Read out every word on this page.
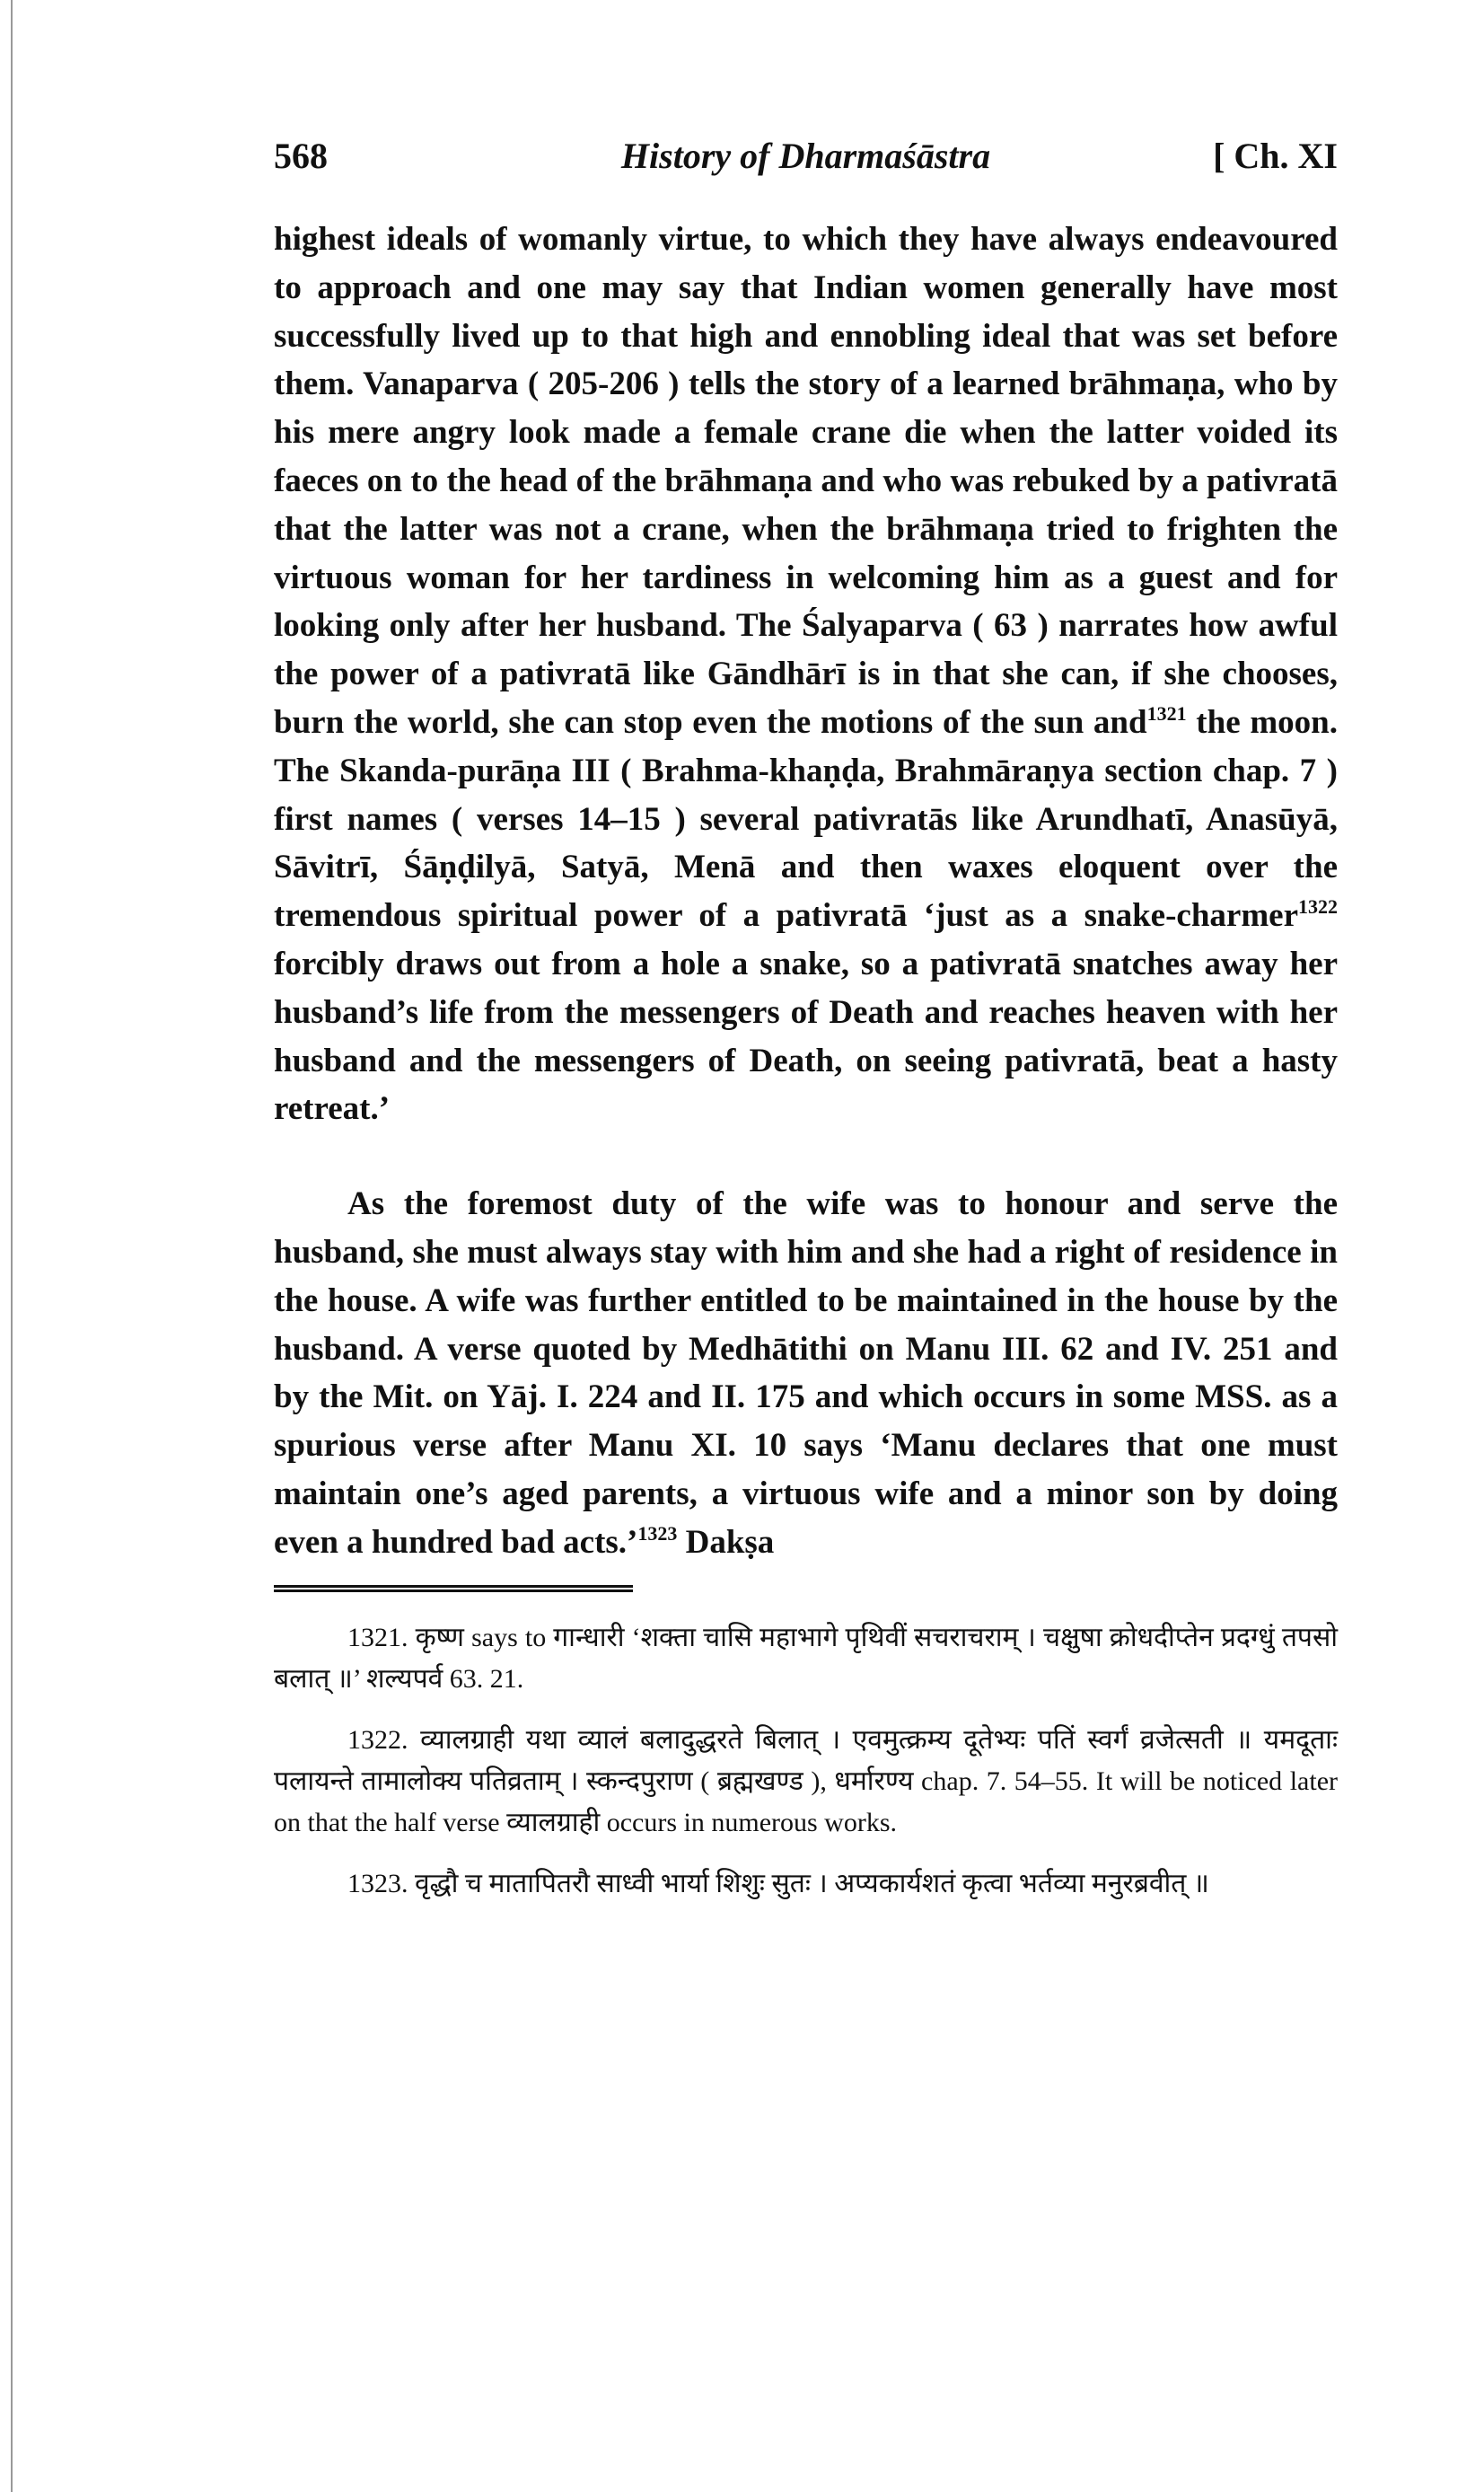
568	History of Dharmaśāstra	[ Ch. XI

highest ideals of womanly virtue, to which they have always endeavoured to approach and one may say that Indian women generally have most successfully lived up to that high and ennobling ideal that was set before them. Vanaparva ( 205-206 ) tells the story of a learned brāhmaṇa, who by his mere angry look made a female crane die when the latter voided its faeces on to the head of the brāhmaṇa and who was rebuked by a pativratā that the latter was not a crane, when the brāhmaṇa tried to frighten the virtuous woman for her tardiness in welcoming him as a guest and for looking only after her husband. The Śalyaparva ( 63 ) narrates how awful the power of a pativratā like Gāndhārī is in that she can, if she chooses, burn the world, she can stop even the motions of the sun and$^{1321}$ the moon. The Skanda-purāṇa III ( Brahma-khaṇḍa, Brahmāraṇya section chap. 7 ) first names ( verses 14–15 ) several pativratās like Arundhatī, Anasūyā, Sāvitrī, Śāṇḍilyā, Satyā, Menā and then waxes eloquent over the tremendous spiritual power of a pativratā ‘just as a snake-charmer$^{1322}$ forcibly draws out from a hole a snake, so a pativratā snatches away her husband’s life from the messengers of Death and reaches heaven with her husband and the messengers of Death, on seeing pativratā, beat a hasty retreat.’

As the foremost duty of the wife was to honour and serve the husband, she must always stay with him and she had a right of residence in the house. A wife was further entitled to be maintained in the house by the husband. A verse quoted by Medhātithi on Manu III. 62 and IV. 251 and by the Mit. on Yāj. I. 224 and II. 175 and which occurs in some MSS. as a spurious verse after Manu XI. 10 says ‘Manu declares that one must maintain one’s aged parents, a virtuous wife and a minor son by doing even a hundred bad acts.’$^{1323}$ Dakṣa

1321. कृष्ण says to गान्धारी ‘शक्ता चासि महाभागे पृथिवीं सचराचराम् । चक्षुषा क्रोधदीप्तेन प्रदग्धुं तपसो बलात् ॥’ शल्यपर्व 63. 21.

1322. व्यालग्राही यथा व्यालं बलादुद्धरते बिलात् । एवमुत्क्रम्य दूतेभ्यः पतिं स्वर्गं व्रजेत्सती ॥ यमदूताः पलायन्ते तामालोक्य पतिव्रताम् । स्कन्दपुराण ( ब्रह्मखण्ड ), धर्मारण्य chap. 7. 54–55. It will be noticed later on that the half verse व्यालग्राही occurs in numerous works.

1323. वृद्धौ च मातापितरौ साध्वी भार्या शिशुः सुतः । अप्यकार्यशतं कृत्वा भर्तव्या मनुरब्रवीत् ॥
